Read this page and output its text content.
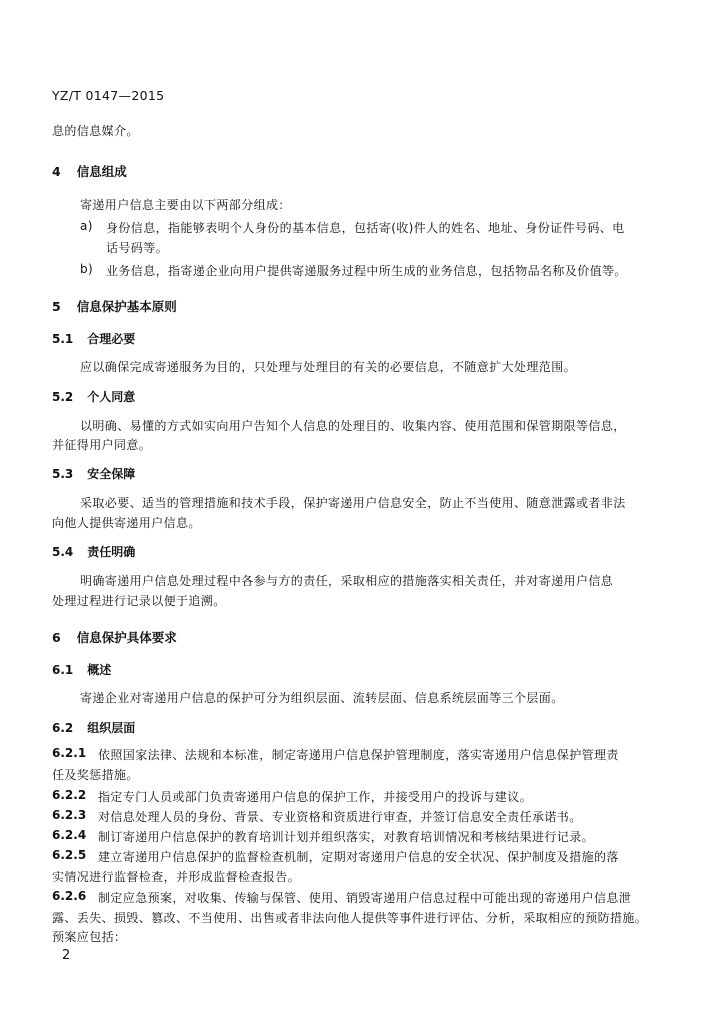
YZ/T 0147—2015
息的信息媒介。
4 信息组成
寄递用户信息主要由以下两部分组成：
a) 身份信息，指能够表明个人身份的基本信息，包括寄(收)件人的姓名、地址、身份证件号码、电
话号码等。
b) 业务信息，指寄递企业向用户提供寄递服务过程中所生成的业务信息，包括物品名称及价值等。
5 信息保护基本原则
5.1 合理必要
应以确保完成寄递服务为目的，只处理与处理目的有关的必要信息，不随意扩大处理范围。
5.2 个人同意
以明确、易懂的方式如实向用户告知个人信息的处理目的、收集内容、使用范围和保管期限等信息，
并征得用户同意。
5.3 安全保障
采取必要、适当的管理措施和技术手段，保护寄递用户信息安全，防止不当使用、随意泄露或者非法
向他人提供寄递用户信息。
5.4 责任明确
明确寄递用户信息处理过程中各参与方的责任，采取相应的措施落实相关责任，并对寄递用户信息
处理过程进行记录以便于追溯。
6 信息保护具体要求
6.1 概述
寄递企业对寄递用户信息的保护可分为组织层面、流转层面、信息系统层面等三个层面。
6.2 组织层面
6.2.1 依照国家法律、法规和本标准，制定寄递用户信息保护管理制度，落实寄递用户信息保护管理责
任及奖惩措施。
6.2.2 指定专门人员或部门负责寄递用户信息的保护工作，并接受用户的投诉与建议。
6.2.3 对信息处理人员的身份、背景、专业资格和资质进行审查，并签订信息安全责任承诺书。
6.2.4 制订寄递用户信息保护的教育培训计划并组织落实，对教育培训情况和考核结果进行记录。
6.2.5 建立寄递用户信息保护的监督检查机制，定期对寄递用户信息的安全状况、保护制度及措施的落
实情况进行监督检查，并形成监督检查报告。
6.2.6 制定应急预案，对收集、传输与保管、使用、销毁寄递用户信息过程中可能出现的寄递用户信息泄
露、丢失、损毁、篡改、不当使用、出售或者非法向他人提供等事件进行评估、分析，采取相应的预防措施。
预案应包括：
2
